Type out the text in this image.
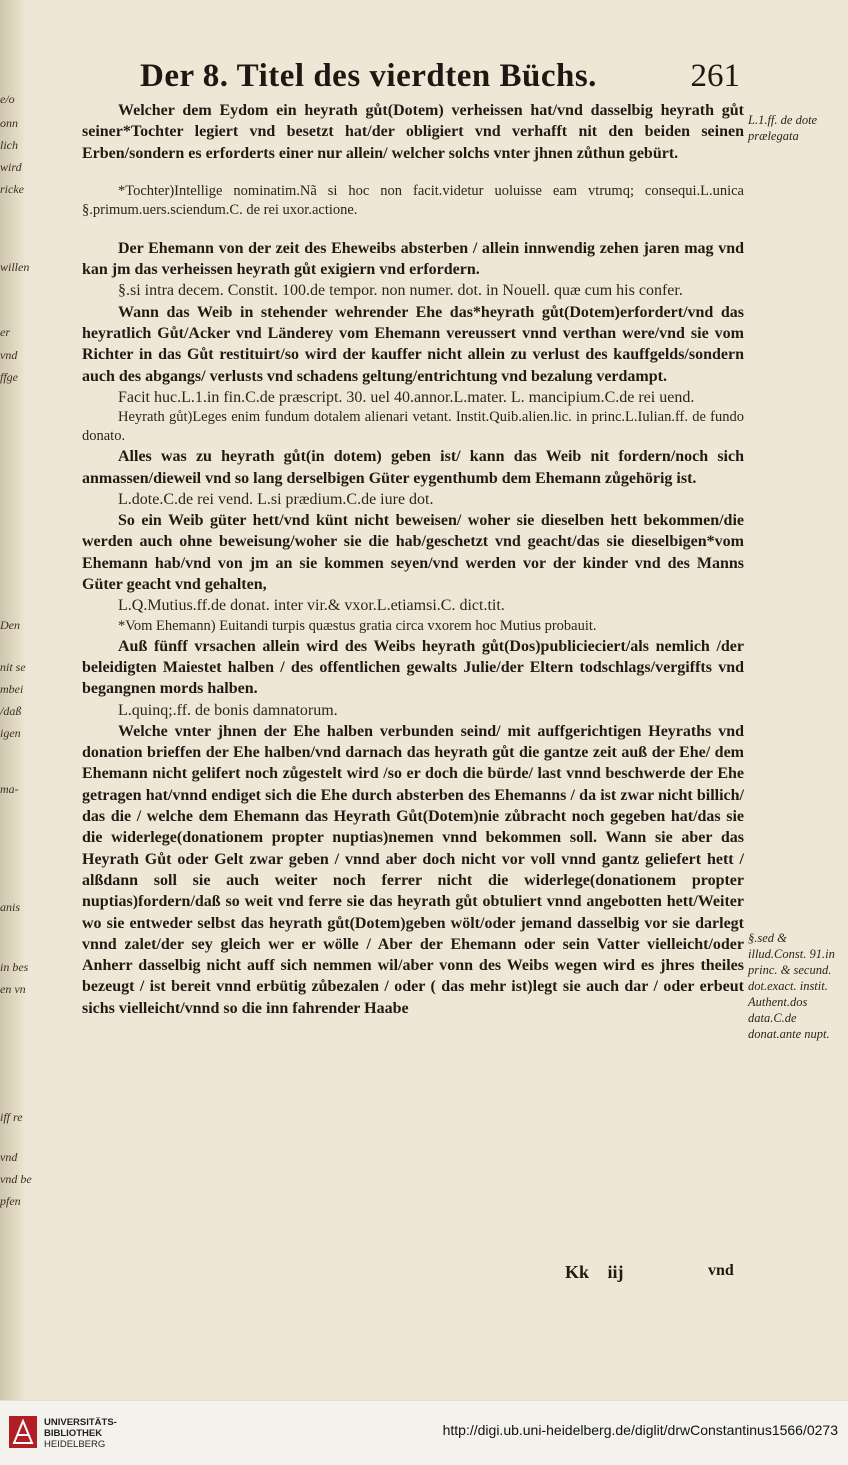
e/o
onn
lich
wird
ricke
willen
er
vnd
ffge
Den
nit se
mbei
/daß
igen
ma-
anis
in bes
en vn
iff re
vnd
vnd be
pfen
Der 8. Titel des vierdten Büchs.	261

Welcher dem Eydom ein heyrath gůt(Dotem) verheissen hat/vnd dasselbig heyrath gůt seiner*Tochter legiert vnd besetzt hat/der obligiert vnd verhafft nit den beiden seinen Erben/sondern es erforderts einer nur allein/ welcher solchs vnter jhnen zůthun gebürt.

*Tochter)Intellige nominatim.Nã si hoc non facit.videtur uoluisse eam vtrumq; consequi.L.unica §.primum.uers.sciendum.C. de rei uxor.actione.

Der Ehemann von der zeit des Eheweibs absterben / allein innwendig zehen jaren mag vnd kan jm das verheissen heyrath gůt exigiern vnd erfordern.

§.si intra decem. Constit. 100.de tempor. non numer. dot. in Nouell. quæ cum his confer.

Wann das Weib in stehender wehrender Ehe das*heyrath gůt(Dotem)erfordert/vnd das heyratlich Gůt/Acker vnd Länderey vom Ehemann vereussert vnnd verthan were/vnd sie vom Richter in das Gůt restituirt/so wird der kauffer nicht allein zu verlust des kauffgelds/sondern auch des abgangs/ verlusts vnd schadens geltung/entrichtung vnd bezalung verdampt.

Facit huc.L.1.in fin.C.de præscript. 30. uel 40.annor.L.mater. L. mancipium.C.de rei uend.

Heyrath gůt)Leges enim fundum dotalem alienari vetant. Instit.Quib.alien.lic. in princ.L.Iulian.ff. de fundo donato.

Alles was zu heyrath gůt(in dotem) geben ist/ kann das Weib nit fordern/noch sich anmassen/dieweil vnd so lang derselbigen Güter eygenthumb dem Ehemann zůgehörig ist.

L.dote.C.de rei vend. L.si prædium.C.de iure dot.

So ein Weib güter hett/vnd künt nicht beweisen/ woher sie dieselben hett bekommen/die werden auch ohne beweisung/woher sie die hab/geschetzt vnd geacht/das sie dieselbigen*vom Ehemann hab/vnd von jm an sie kommen seyen/vnd werden vor der kinder vnd des Manns Güter geacht vnd gehalten,

L.Q.Mutius.ff.de donat. inter vir.& vxor.L.etiamsi.C. dict.tit.

*Vom Ehemann) Euitandi turpis quæstus gratia circa vxorem hoc Mutius probauit.

Auß fünff vrsachen allein wird des Weibs heyrath gůt(Dos)publicieciert/als nemlich /der beleidigten Maiestet halben / des offentlichen gewalts Julie/der Eltern todschlags/vergiffts vnd begangnen mords halben.

L.quinq;.ff. de bonis damnatorum.

Welche vnter jhnen der Ehe halben verbunden seind/ mit auffgerichtigen Heyraths vnd donation brieffen der Ehe halben/vnd darnach das heyrath gůt die gantze zeit auß der Ehe/ dem Ehemann nicht gelifert noch zůgestelt wird /so er doch die bürde/ last vnnd beschwerde der Ehe getragen hat/vnnd endiget sich die Ehe durch absterben des Ehemanns / da ist zwar nicht billich/ das die / welche dem Ehemann das Heyrath Gůt(Dotem)nie zůbracht noch gegeben hat/das sie die widerlege(donationem propter nuptias)nemen vnnd bekommen soll. Wann sie aber das Heyrath Gůt oder Gelt zwar geben / vnnd aber doch nicht vor voll vnnd gantz geliefert hett / alßdann soll sie auch weiter noch ferrer nicht die widerlege(donationem propter nuptias)fordern/daß so weit vnd ferre sie das heyrath gůt obtuliert vnnd angebotten hett/Weiter wo sie entweder selbst das heyrath gůt(Dotem)geben wölt/oder jemand dasselbig vor sie darlegt vnnd zalet/der sey gleich wer er wölle / Aber der Ehemann oder sein Vatter vielleicht/oder Anherr dasselbig nicht auff sich nemmen wil/aber vonn des Weibs wegen wird es jhres theiles bezeugt / ist bereit vnnd erbütig zůbezalen / oder ( das mehr ist)legt sie auch dar / oder erbeut sichs vielleicht/vnnd so die inn fahrender Haabe

L.1.ff. de dote prælegata
§.sed & illud.Const. 91.in princ. & secund. dot.exact. instit. Authent.dos data.C.de donat.ante nupt.
Kk iij	vnd
UNIVERSITÄTS-
BIBLIOTHEK
HEIDELBERG
http://digi.ub.uni-heidelberg.de/diglit/drwConstantinus1566/0273
